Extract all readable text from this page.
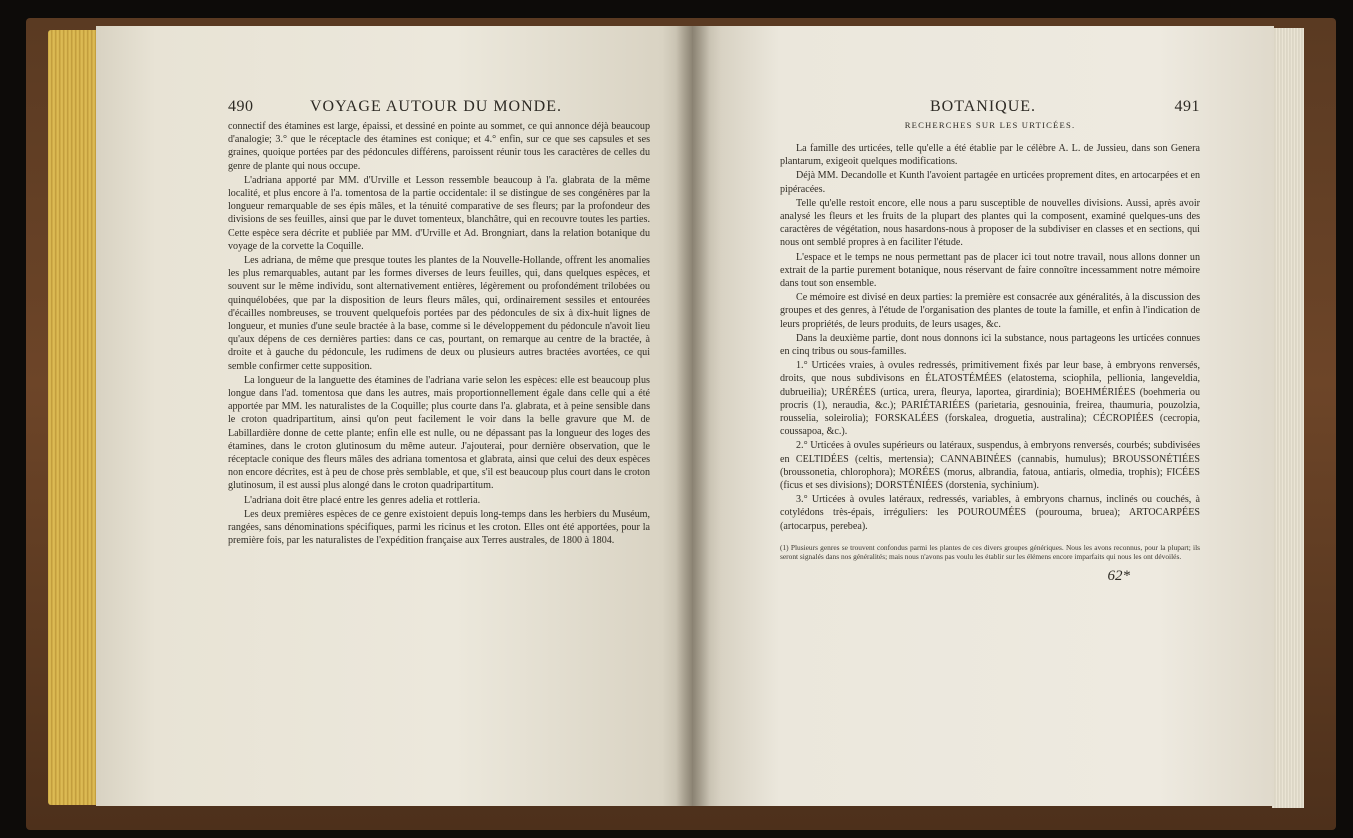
490	VOYAGE AUTOUR DU MONDE.

connectif des étamines est large, épaissi, et dessiné en pointe au sommet, ce qui annonce déjà beaucoup d'analogie; 3.° que le réceptacle des étamines est conique; et 4.° enfin, sur ce que ses capsules et ses graines, quoique portées par des pédoncules différens, paroissent réunir tous les caractères de celles du genre de plante qui nous occupe.

L'adriana apporté par MM. d'Urville et Lesson ressemble beaucoup à l'a. glabrata de la même localité, et plus encore à l'a. tomentosa de la partie occidentale: il se distingue de ses congénères par la longueur remarquable de ses épis mâles, et la ténuité comparative de ses fleurs; par la profondeur des divisions de ses feuilles, ainsi que par le duvet tomenteux, blanchâtre, qui en recouvre toutes les parties. Cette espèce sera décrite et publiée par MM. d'Urville et Ad. Brongniart, dans la relation botanique du voyage de la corvette la Coquille.

Les adriana, de même que presque toutes les plantes de la Nouvelle-Hollande, offrent les anomalies les plus remarquables, autant par les formes diverses de leurs feuilles, qui, dans quelques espèces, et souvent sur le même individu, sont alternativement entières, légèrement ou profondément trilobées ou quinquélobées, que par la disposition de leurs fleurs mâles, qui, ordinairement sessiles et entourées d'écailles nombreuses, se trouvent quelquefois portées par des pédoncules de six à dix-huit lignes de longueur, et munies d'une seule bractée à la base, comme si le développement du pédoncule n'avoit lieu qu'aux dépens de ces dernières parties: dans ce cas, pourtant, on remarque au centre de la bractée, à droite et à gauche du pédoncule, les rudimens de deux ou plusieurs autres bractées avortées, ce qui semble confirmer cette supposition.

La longueur de la languette des étamines de l'adriana varie selon les espèces: elle est beaucoup plus longue dans l'ad. tomentosa que dans les autres, mais proportionnellement égale dans celle qui a été apportée par MM. les naturalistes de la Coquille; plus courte dans l'a. glabrata, et à peine sensible dans le croton quadripartitum, ainsi qu'on peut facilement le voir dans la belle gravure que M. de Labillardière donne de cette plante; enfin elle est nulle, ou ne dépassant pas la longueur des loges des étamines, dans le croton glutinosum du même auteur. J'ajouterai, pour dernière observation, que le réceptacle conique des fleurs mâles des adriana tomentosa et glabrata, ainsi que celui des deux espèces non encore décrites, est à peu de chose près semblable, et que, s'il est beaucoup plus court dans le croton glutinosum, il est aussi plus alongé dans le croton quadripartitum.

L'adriana doit être placé entre les genres adelia et rottleria.

Les deux premières espèces de ce genre existoient depuis long-temps dans les herbiers du Muséum, rangées, sans dénominations spécifiques, parmi les ricinus et les croton. Elles ont été apportées, pour la première fois, par les naturalistes de l'expédition française aux Terres australes, de 1800 à 1804.

BOTANIQUE.	491
RECHERCHES SUR LES URTICÉES.

La famille des urticées, telle qu'elle a été établie par le célèbre A. L. de Jussieu, dans son Genera plantarum, exigeoit quelques modifications.

Déjà MM. Decandolle et Kunth l'avoient partagée en urticées proprement dites, en artocarpées et en pipéracées.

Telle qu'elle restoit encore, elle nous a paru susceptible de nouvelles divisions. Aussi, après avoir analysé les fleurs et les fruits de la plupart des plantes qui la composent, examiné quelques-uns des caractères de végétation, nous hasardons-nous à proposer de la subdiviser en classes et en sections, qui nous ont semblé propres à en faciliter l'étude.

L'espace et le temps ne nous permettant pas de placer ici tout notre travail, nous allons donner un extrait de la partie purement botanique, nous réservant de faire connoître incessamment notre mémoire dans tout son ensemble.

Ce mémoire est divisé en deux parties: la première est consacrée aux généralités, à la discussion des groupes et des genres, à l'étude de l'organisation des plantes de toute la famille, et enfin à l'indication de leurs propriétés, de leurs produits, de leurs usages, &c.

Dans la deuxième partie, dont nous donnons ici la substance, nous partageons les urticées connues en cinq tribus ou sous-familles.

1.° Urticées vraies, à ovules redressés, primitivement fixés par leur base, à embryons renversés, droits, que nous subdivisons en ÉLATOSTÉMÉES (elatostema, sciophila, pellionia, langeveldia, dubrueilia); URÉRÉES (urtica, urera, fleurya, laportea, girardinia); BOEHMÉRIÉES (boehmeria ou procris (1), neraudia, &c.); PARIÉTARIÉES (parietaria, gesnouinia, freirea, thaumuria, pouzolzia, rousselia, soleirolia); FORSKALÉES (forskalea, droguetia, australina); CÉCROPIÉES (cecropia, coussapoa, &c.).

2.° Urticées à ovules supérieurs ou latéraux, suspendus, à embryons renversés, courbés; subdivisées en CELTIDÉES (celtis, mertensia); CANNABINÉES (cannabis, humulus); BROUSSONÉTIÉES (broussonetia, chlorophora); MORÉES (morus, albrandia, fatoua, antiaris, olmedia, trophis); FICÉES (ficus et ses divisions); DORSTÉNIÉES (dorstenia, sychinium).

3.° Urticées à ovules latéraux, redressés, variables, à embryons charnus, inclinés ou couchés, à cotylédons très-épais, irréguliers: les POUROUMÉES (pourouma, bruea); ARTOCARPÉES (artocarpus, perebea).

(1) Plusieurs genres se trouvent confondus parmi les plantes de ces divers groupes génériques. Nous les avons reconnus, pour la plupart; ils seront signalés dans nos généralités; mais nous n'avons pas voulu les établir sur les élémens encore imparfaits qui nous les ont dévoilés.
62*
